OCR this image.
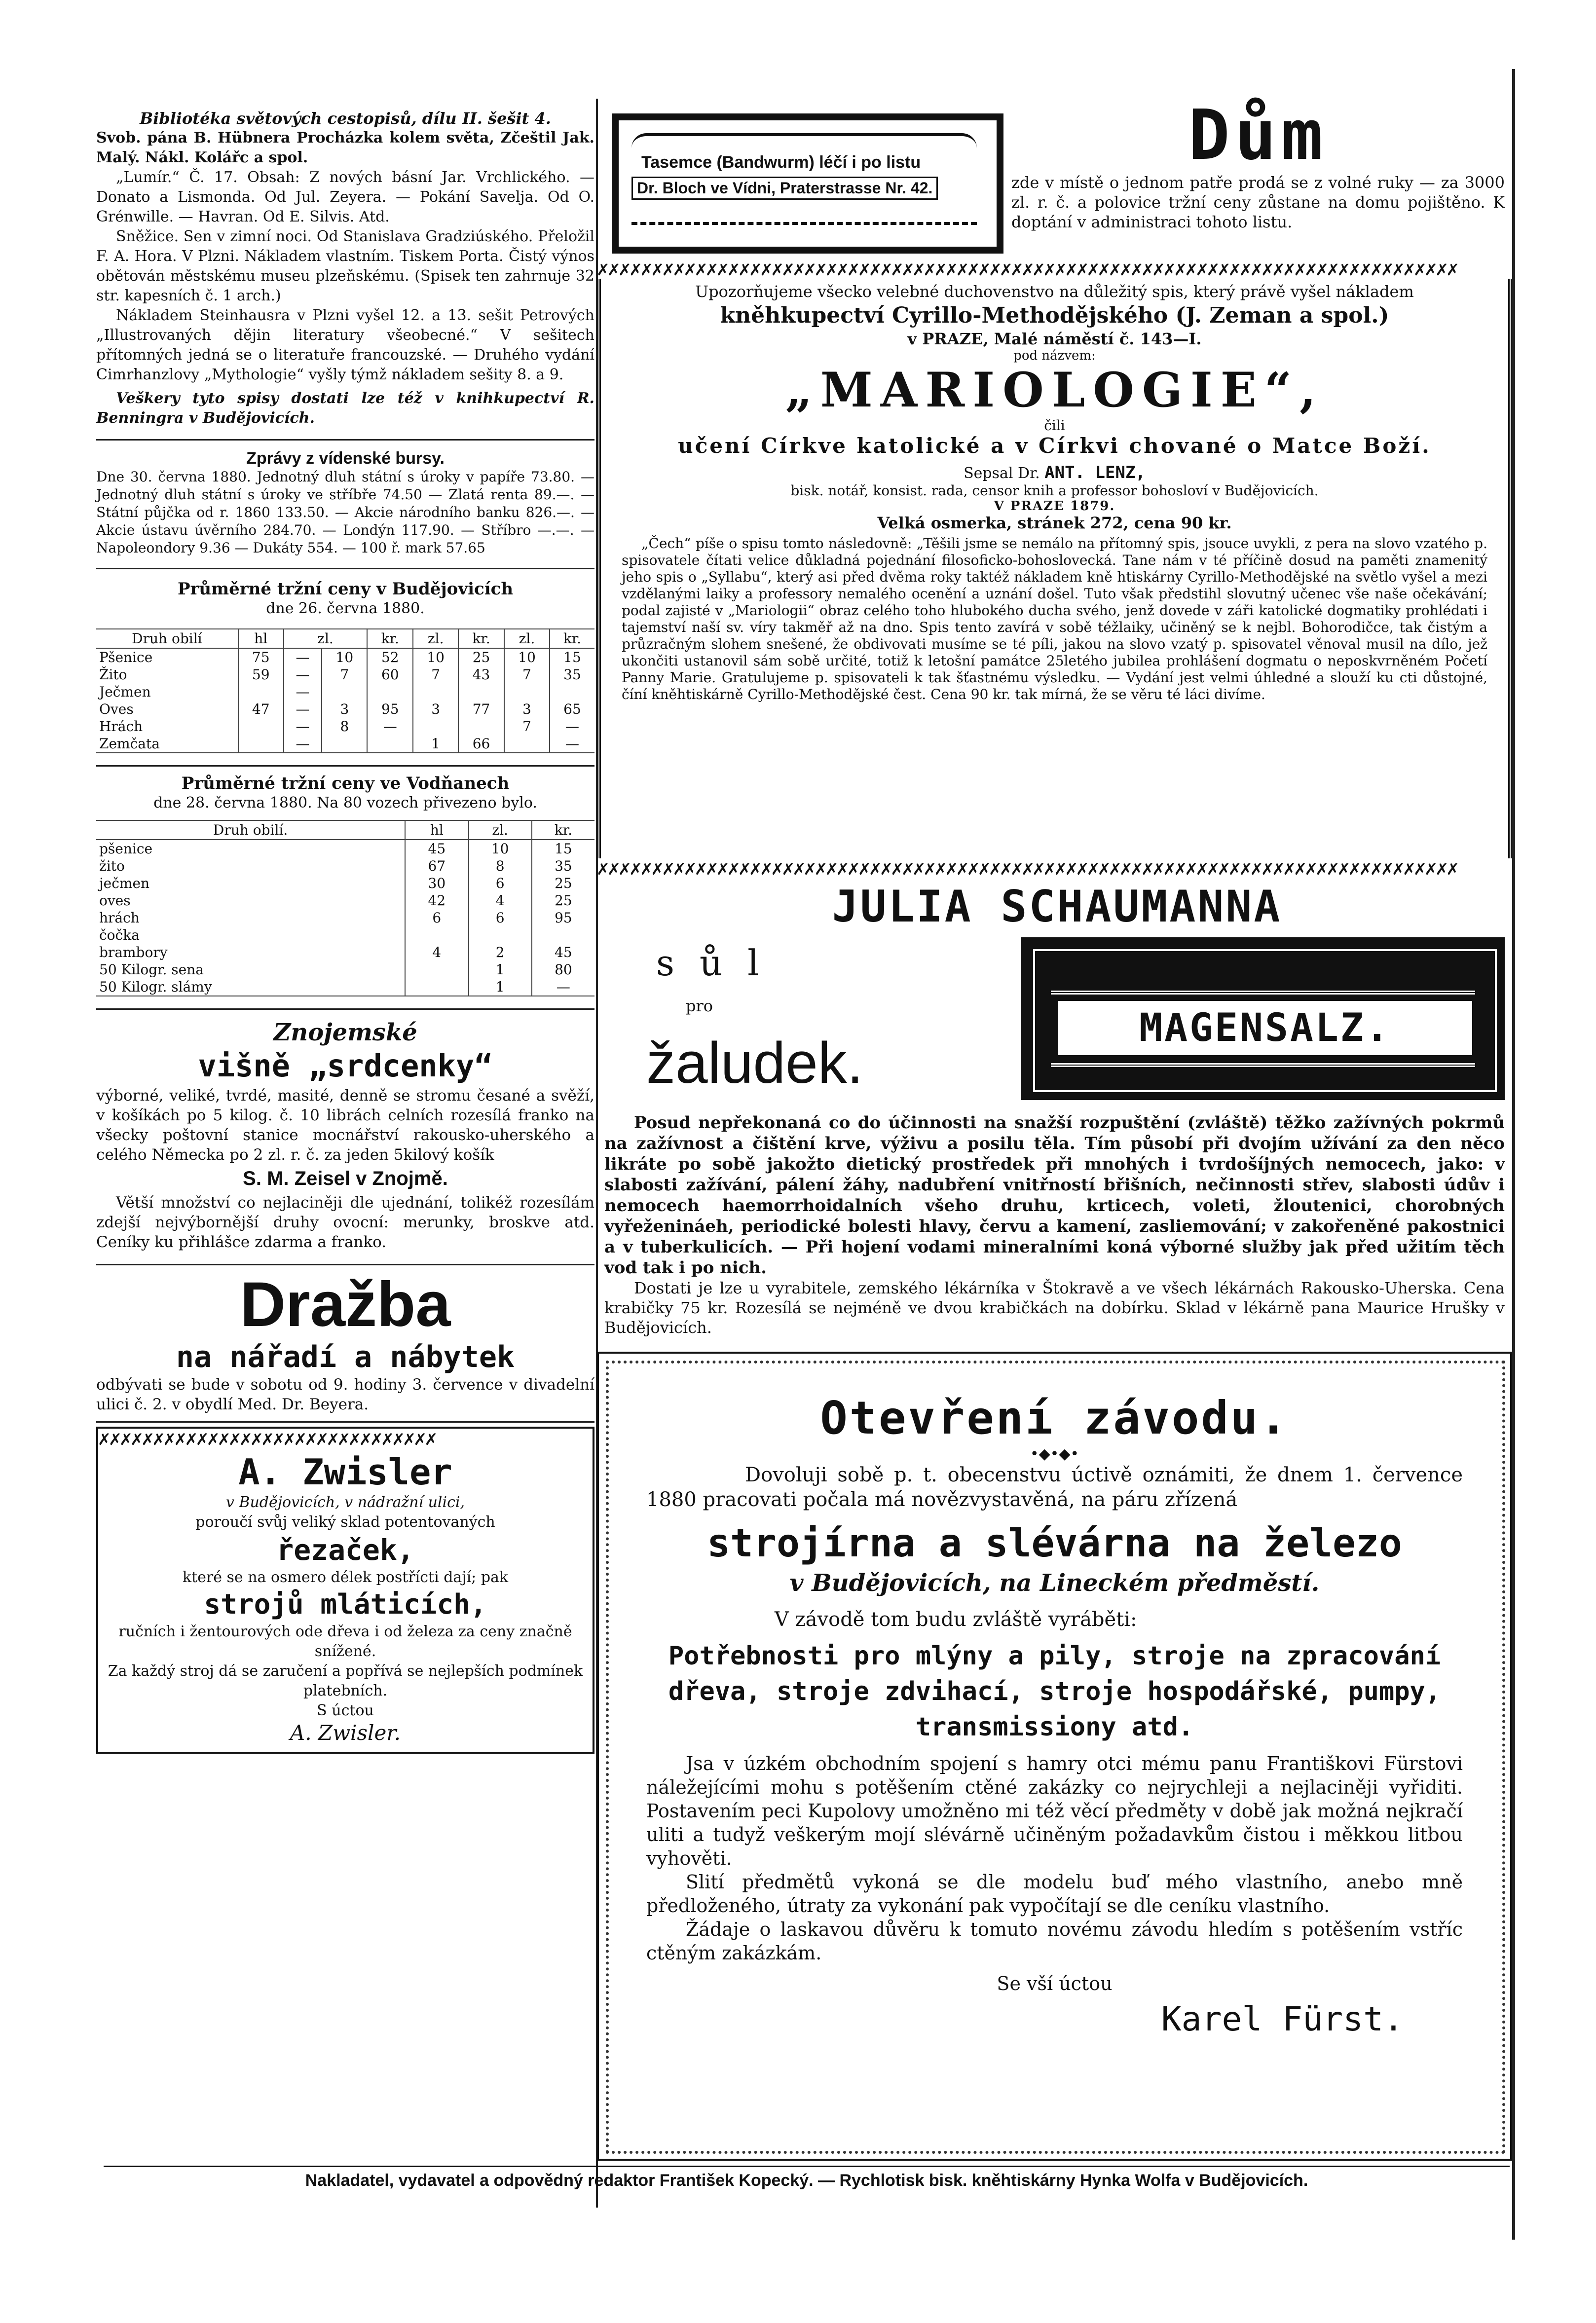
Bibliotéka světových cestopisů, dílu II. šešit 4.

Svob. pána B. Hübnera Procházka kolem světa, Zčeštil Jak. Malý. Nákl. Kolářc a spol.

„Lumír.“ Č. 17. Obsah: Z nových básní Jar. Vrchlického. — Donato a Lismonda. Od Jul. Zeyera. — Pokání Savelja. Od O. Grénwille. — Havran. Od E. Silvis. Atd.

Sněžice. Sen v zimní noci. Od Stanislava Gradziúského. Přeložil F. A. Hora. V Plzni. Nákladem vlastním. Tiskem Porta. Čistý výnos obětován městskému museu plzeňskému. (Spisek ten zahrnuje 32 str. kapesních č. 1 arch.)

Nákladem Steinhausra v Plzni vyšel 12. a 13. sešit Petrových „Illustrovaných dějin literatury všeobecné.“ V sešitech přítomných jedná se o literatuře francouzské. — Druhého vydání Cimrhanzlovy „Mythologie“ vyšly týmž nákladem sešity 8. a 9.

Veškery tyto spisy dostati lze též v knihkupectví R. Benningra v Budějovicích.

Zprávy z vídenské bursy.

Dne 30. června 1880. Jednotný dluh státní s úroky v papíře 73.80. — Jednotný dluh státní s úroky ve stříbře 74.50 — Zlatá renta 89.—. — Státní půjčka od r. 1860 133.50. — Akcie národního banku 826.—. — Akcie ústavu úvěrního 284.70. — Londýn 117.90. — Stříbro —.—. — Napoleondory 9.36 — Dukáty 554. — 100 ř. mark 57.65

Průměrné tržní ceny v Budějovicích

dne 26. června 1880.

Druh obilí	hl	zl.		kr.	zl.	kr.	zl.	kr.
Pšenice	75	—	10	52	10	25	10	15
Žito	59	—	7	60	7	43	7	35
Ječmen		—						
Oves	47	—	3	95	3	77	3	65
Hrách		—	8	—			7	—
Zemčata		—			1	66		—

Průměrné tržní ceny ve Vodňanech

dne 28. června 1880. Na 80 vozech přivezeno bylo.

Druh obilí.	hl	zl.	kr.
pšenice	45	10	15
žito	67	8	35
ječmen	30	6	25
oves	42	4	25
hrách	6	6	95
čočka			
brambory	4	2	45
50 Kilogr. sena		1	80
50 Kilogr. slámy		1	—

Znojemské

višně „srdcenky“

výborné, veliké, tvrdé, masité, denně se stromu česané a svěží, v košíkách po 5 kilog. č. 10 librách celních rozesílá franko na všecky poštovní stanice mocnářství rakousko-uherského a celého Německa po 2 zl. r. č. za jeden 5kilový košík

S. M. Zeisel v Znojmě.

Větší množství co nejlaciněji dle ujednání, tolikéž rozesílám zdejší nejvýbornější druhy ovocní: merunky, broskve atd. Ceníky ku přihlášce zdarma a franko.

Dražba

na nářadí a nábytek

odbývati se bude v sobotu od 9. hodiny 3. července v divadelní ulici č. 2. v obydlí Med. Dr. Beyera.

✗✗✗✗✗✗✗✗✗✗✗✗✗✗✗✗✗✗✗✗✗✗✗✗✗✗✗✗✗✗✗

A. Zwisler

v Budějovicích, v nádražní ulici,

poroučí svůj veliký sklad potentovaných

řezaček,

které se na osmero délek postřícti dají; pak

strojů mláticích,

ručních i žentourových ode dřeva i od železa za ceny značně snížené.

Za každý stroj dá se zaručení a popřívá se nejlepších podmínek platebních.

S úctou

A. Zwisler.

Tasemce (Bandwurm) léčí i po listu

Dr. Bloch ve Vídni, Praterstrasse Nr. 42.

Dům

zde v místě o jednom patře prodá se z volné ruky — za 3000 zl. r. č. a polovice tržní ceny zůstane na domu pojištěno. K doptání v administraci tohoto listu.

✗✗✗✗✗✗✗✗✗✗✗✗✗✗✗✗✗✗✗✗✗✗✗✗✗✗✗✗✗✗✗✗✗✗✗✗✗✗✗✗✗✗✗✗✗✗✗✗✗✗✗✗✗✗✗✗✗✗✗✗✗✗✗✗✗✗✗✗✗✗✗✗✗✗✗✗✗✗✗
✗✗✗✗✗✗✗✗✗✗✗✗✗✗✗✗✗✗✗✗✗✗✗✗✗✗✗✗✗✗✗✗✗✗✗✗✗✗✗✗✗✗✗✗✗✗✗✗✗✗✗✗✗✗✗✗✗✗✗✗✗✗✗✗✗✗✗✗✗✗✗✗✗✗✗✗✗✗✗

Upozorňujeme všecko velebné duchovenstvo na důležitý spis, který právě vyšel nákladem

kněhkupectví Cyrillo-Methodějského (J. Zeman a spol.)

v PRAZE, Malé náměstí č. 143—I.

pod názvem:

„MARIOLOGIE“,

čili

učení Církve katolické a v Církvi chované o Matce Boží.

Sepsal Dr. ANT. LENZ,

bisk. notář, konsist. rada, censor knih a professor bohosloví v Budějovicích.

V PRAZE 1879.

Velká osmerka, stránek 272, cena 90 kr.

„Čech“ píše o spisu tomto následovně: „Těšili jsme se nemálo na přítomný spis, jsouce uvykli, z pera na slovo vzatého p. spisovatele čítati velice důkladná pojednání filosoficko-bohoslovecká. Tane nám v té příčině dosud na paměti znamenitý jeho spis o „Syllabu“, který asi před dvěma roky taktéž nákladem kně htiskárny Cyrillo-Methodějské na světlo vyšel a mezi vzdělanými laiky a professory nemalého ocenění a uznání došel. Tuto však předstihl slovutný učenec vše naše očekávání; podal zajisté v „Mariologii“ obraz celého toho hlubokého ducha svého, jenž dovede v záři katolické dogmatiky prohlédati i tajemství naší sv. víry takměř až na dno. Spis tento zavírá v sobě téžlaiky, učiněný se k nejbl. Bohorodičce, tak čistým a průzračným slohem snešené, že obdivovati musíme se té píli, jakou na slovo vzatý p. spisovatel věnoval musil na dílo, jež ukončiti ustanovil sám sobě určité, totiž k letošní památce 25letého jubilea prohlášení dogmatu o neposkvrněném Početí Panny Marie. Gratulujeme p. spisovateli k tak šťastnému výsledku. — Vydání jest velmi úhledné a slouží ku cti důstojné, číní kněhtiskárně Cyrillo-Methodějské čest. Cena 90 kr. tak mírná, že se věru té láci divíme.

JULIA SCHAUMANNA

s ů l

pro

žaludek.

MAGENSALZ.

Posud nepřekonaná co do účinnosti na snažší rozpuštění (zvláště) těžko zažívných pokrmů na zažívnost a čištění krve, výživu a posilu těla. Tím působí při dvojím užívání za den něco likráte po sobě jakožto dietický prostředek při mnohých i tvrdošíjných nemocech, jako: v slabosti zažívání, pálení žáhy, nadubření vnitřností břišních, nečinnosti střev, slabosti údův i nemocech haemorrhoidalních všeho druhu, krticech, voleti, žloutenici, chorobných vyřeženináeh, periodické bolesti hlavy, červu a kamení, zasliemování; v zakořeněné pakostnici a v tuberkulicích. — Při hojení vodami mineralními koná výborné služby jak před užitím těch vod tak i po nich.

Dostati je lze u vyrabitele, zemského lékárníka v Štokravě a ve všech lékárnách Rakousko-Uherska. Cena krabičky 75 kr. Rozesílá se nejméně ve dvou krabičkách na dobírku. Sklad v lékárně pana Maurice Hrušky v Budějovicích.

Otevření závodu.

•◆•◆•

Dovoluji sobě p. t. obecenstvu úctivě oznámiti, že dnem 1. července 1880 pracovati počala má novězvystavěná, na páru zřízená

strojírna a slévárna na železo

v Budějovicích, na Lineckém předměstí.

V závodě tom budu zvláště vyráběti:

Potřebnosti pro mlýny a pily, stroje na zpracování dřeva, stroje zdvihací, stroje hospodářské, pumpy, transmissiony atd.

Jsa v úzkém obchodním spojení s hamry otci mému panu Františkovi Fürstovi náležejícími mohu s potěšením ctěné zakázky co nejrychleji a nejlaciněji vyřiditi. Postavením peci Kupolovy umožněno mi též věcí předměty v době jak možná nejkračí uliti a tudyž veškerým mojí slévárně učiněným požadavkům čistou i měkkou litbou vyhověti.

Slití předmětů vykoná se dle modelu buď mého vlastního, anebo mně předloženého, útraty za vykonání pak vypočítají se dle ceníku vlastního.

Žádaje o laskavou důvěru k tomuto novému závodu hledím s potěšením vstříc ctěným zakázkám.

Se vší úctou

Karel Fürst.

Nakladatel, vydavatel a odpovědný redaktor František Kopecký. — Rychlotisk bisk. kněhtiskárny Hynka Wolfa v Budějovicích.
